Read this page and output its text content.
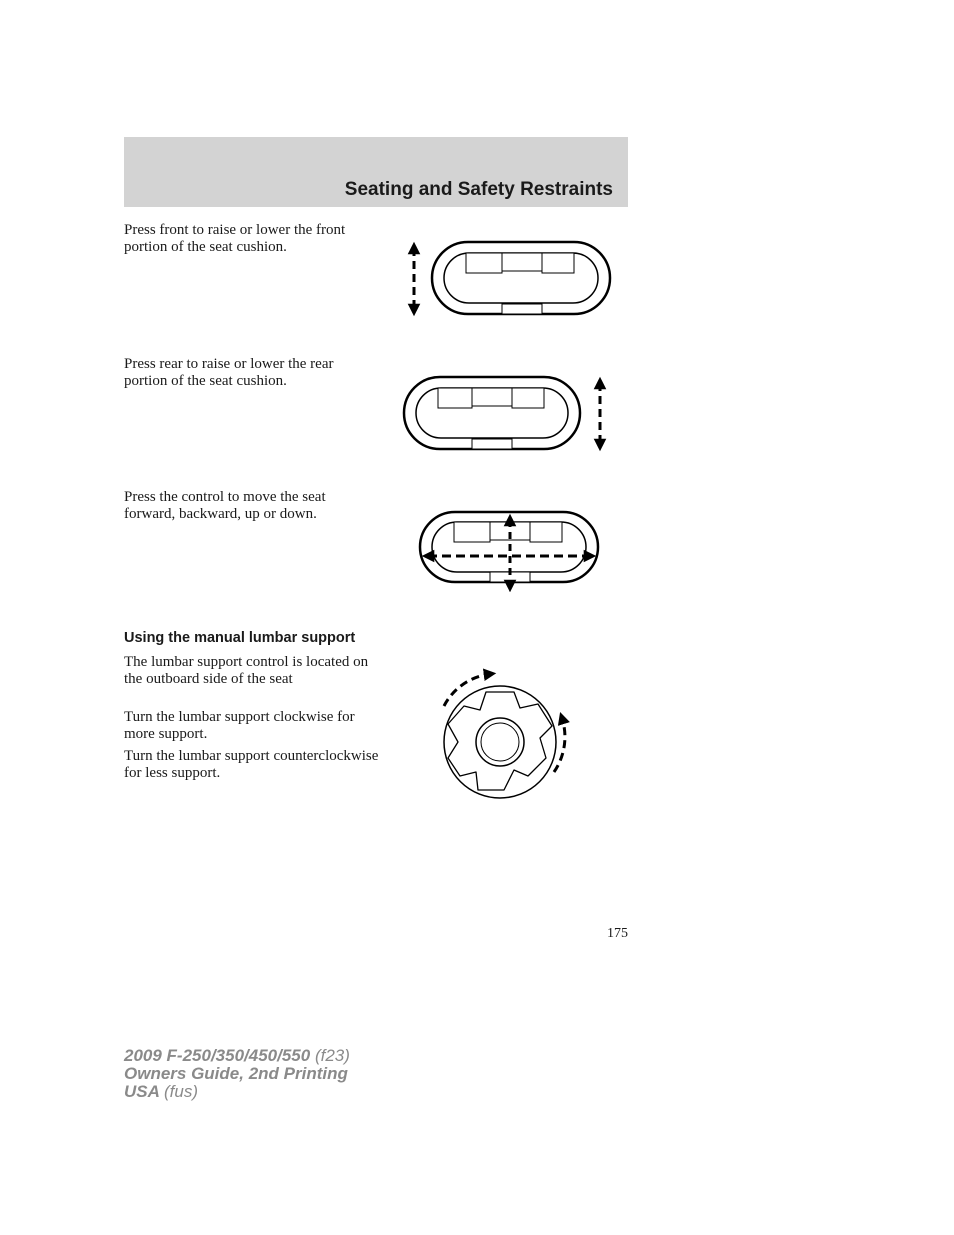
Seating and Safety Restraints

Press front to raise or lower the front portion of the seat cushion.

Press rear to raise or lower the rear portion of the seat cushion.

Press the control to move the seat forward, backward, up or down.

Using the manual lumbar support

The lumbar support control is located on the outboard side of the seat

Turn the lumbar support clockwise for more support.

Turn the lumbar support counterclockwise for less support.

175

2009 F-250/350/450/550 (f23)
Owners Guide, 2nd Printing
USA (fus)
